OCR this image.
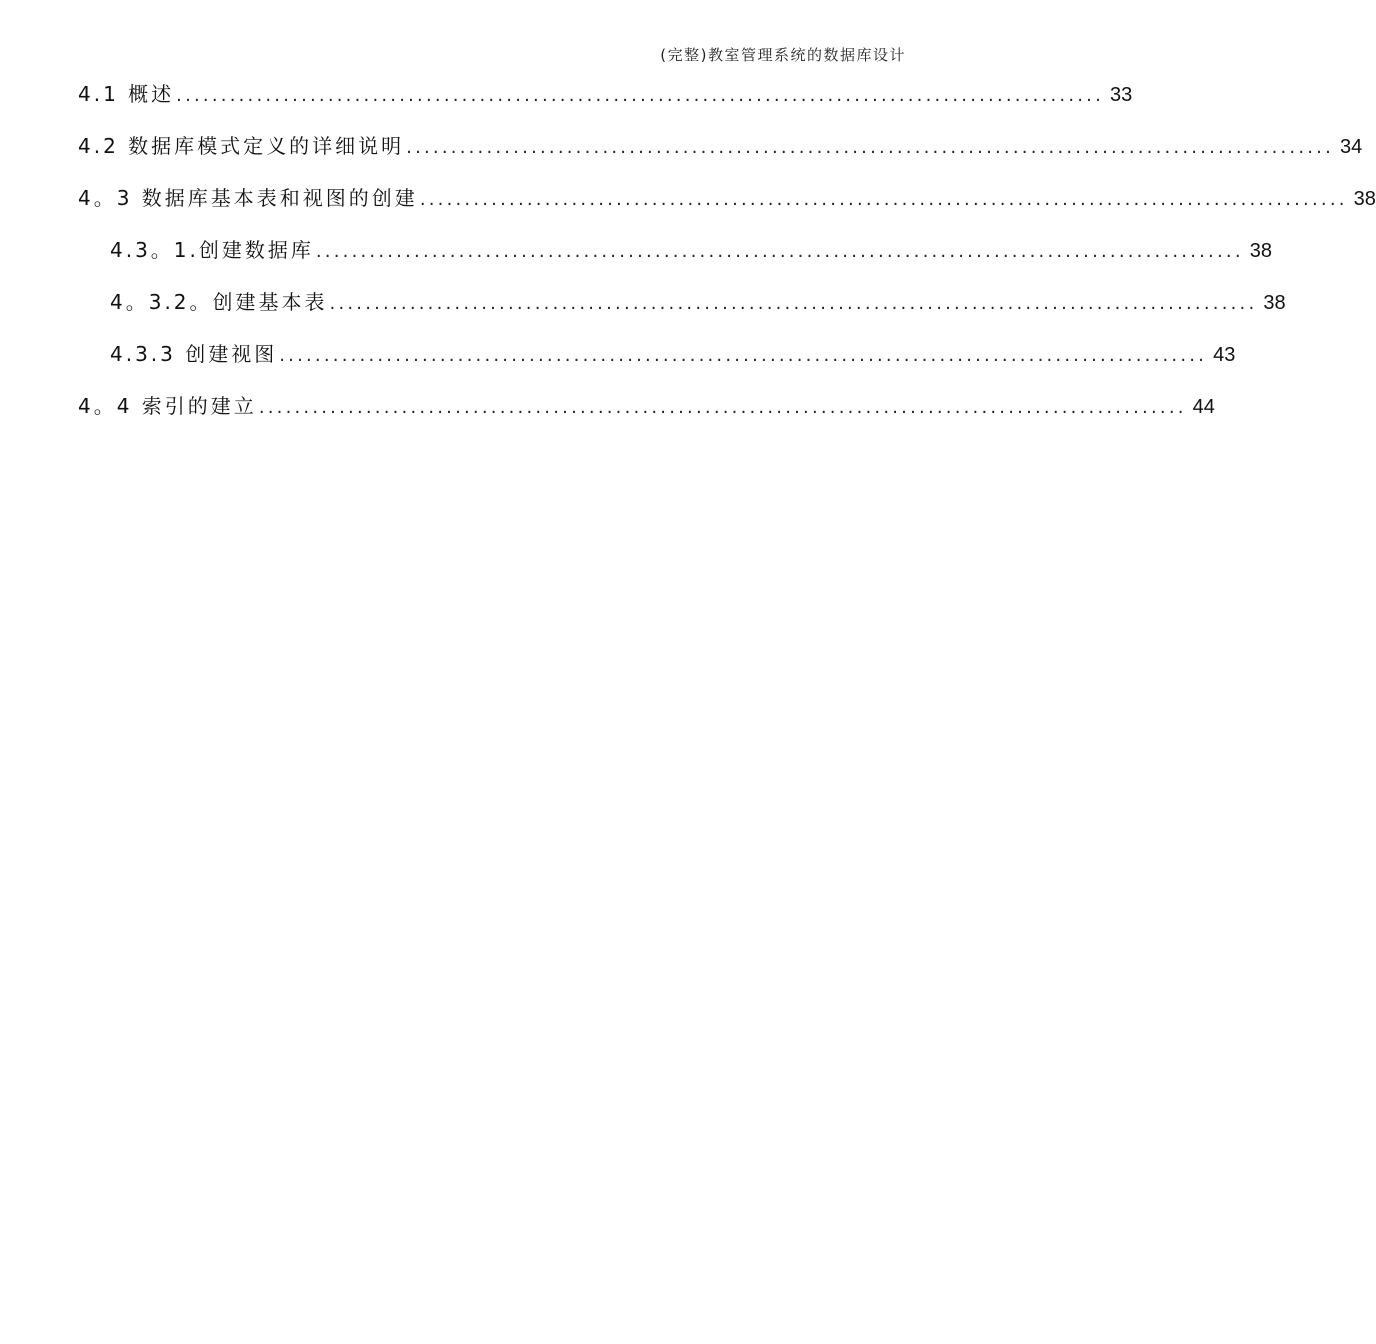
(完整)教室管理系统的数据库设计
4.1 概述 ........................................................................................................ 33
4.2 数据库模式定义的详细说明 ........................................................................................................ 34
4。3 数据库基本表和视图的创建 ........................................................................................................ 38
4.3。1.创建数据库 ........................................................................................................ 38
4。3.2。创建基本表 ........................................................................................................ 38
4.3.3 创建视图 ........................................................................................................ 43
4。4 索引的建立 ........................................................................................................ 44
